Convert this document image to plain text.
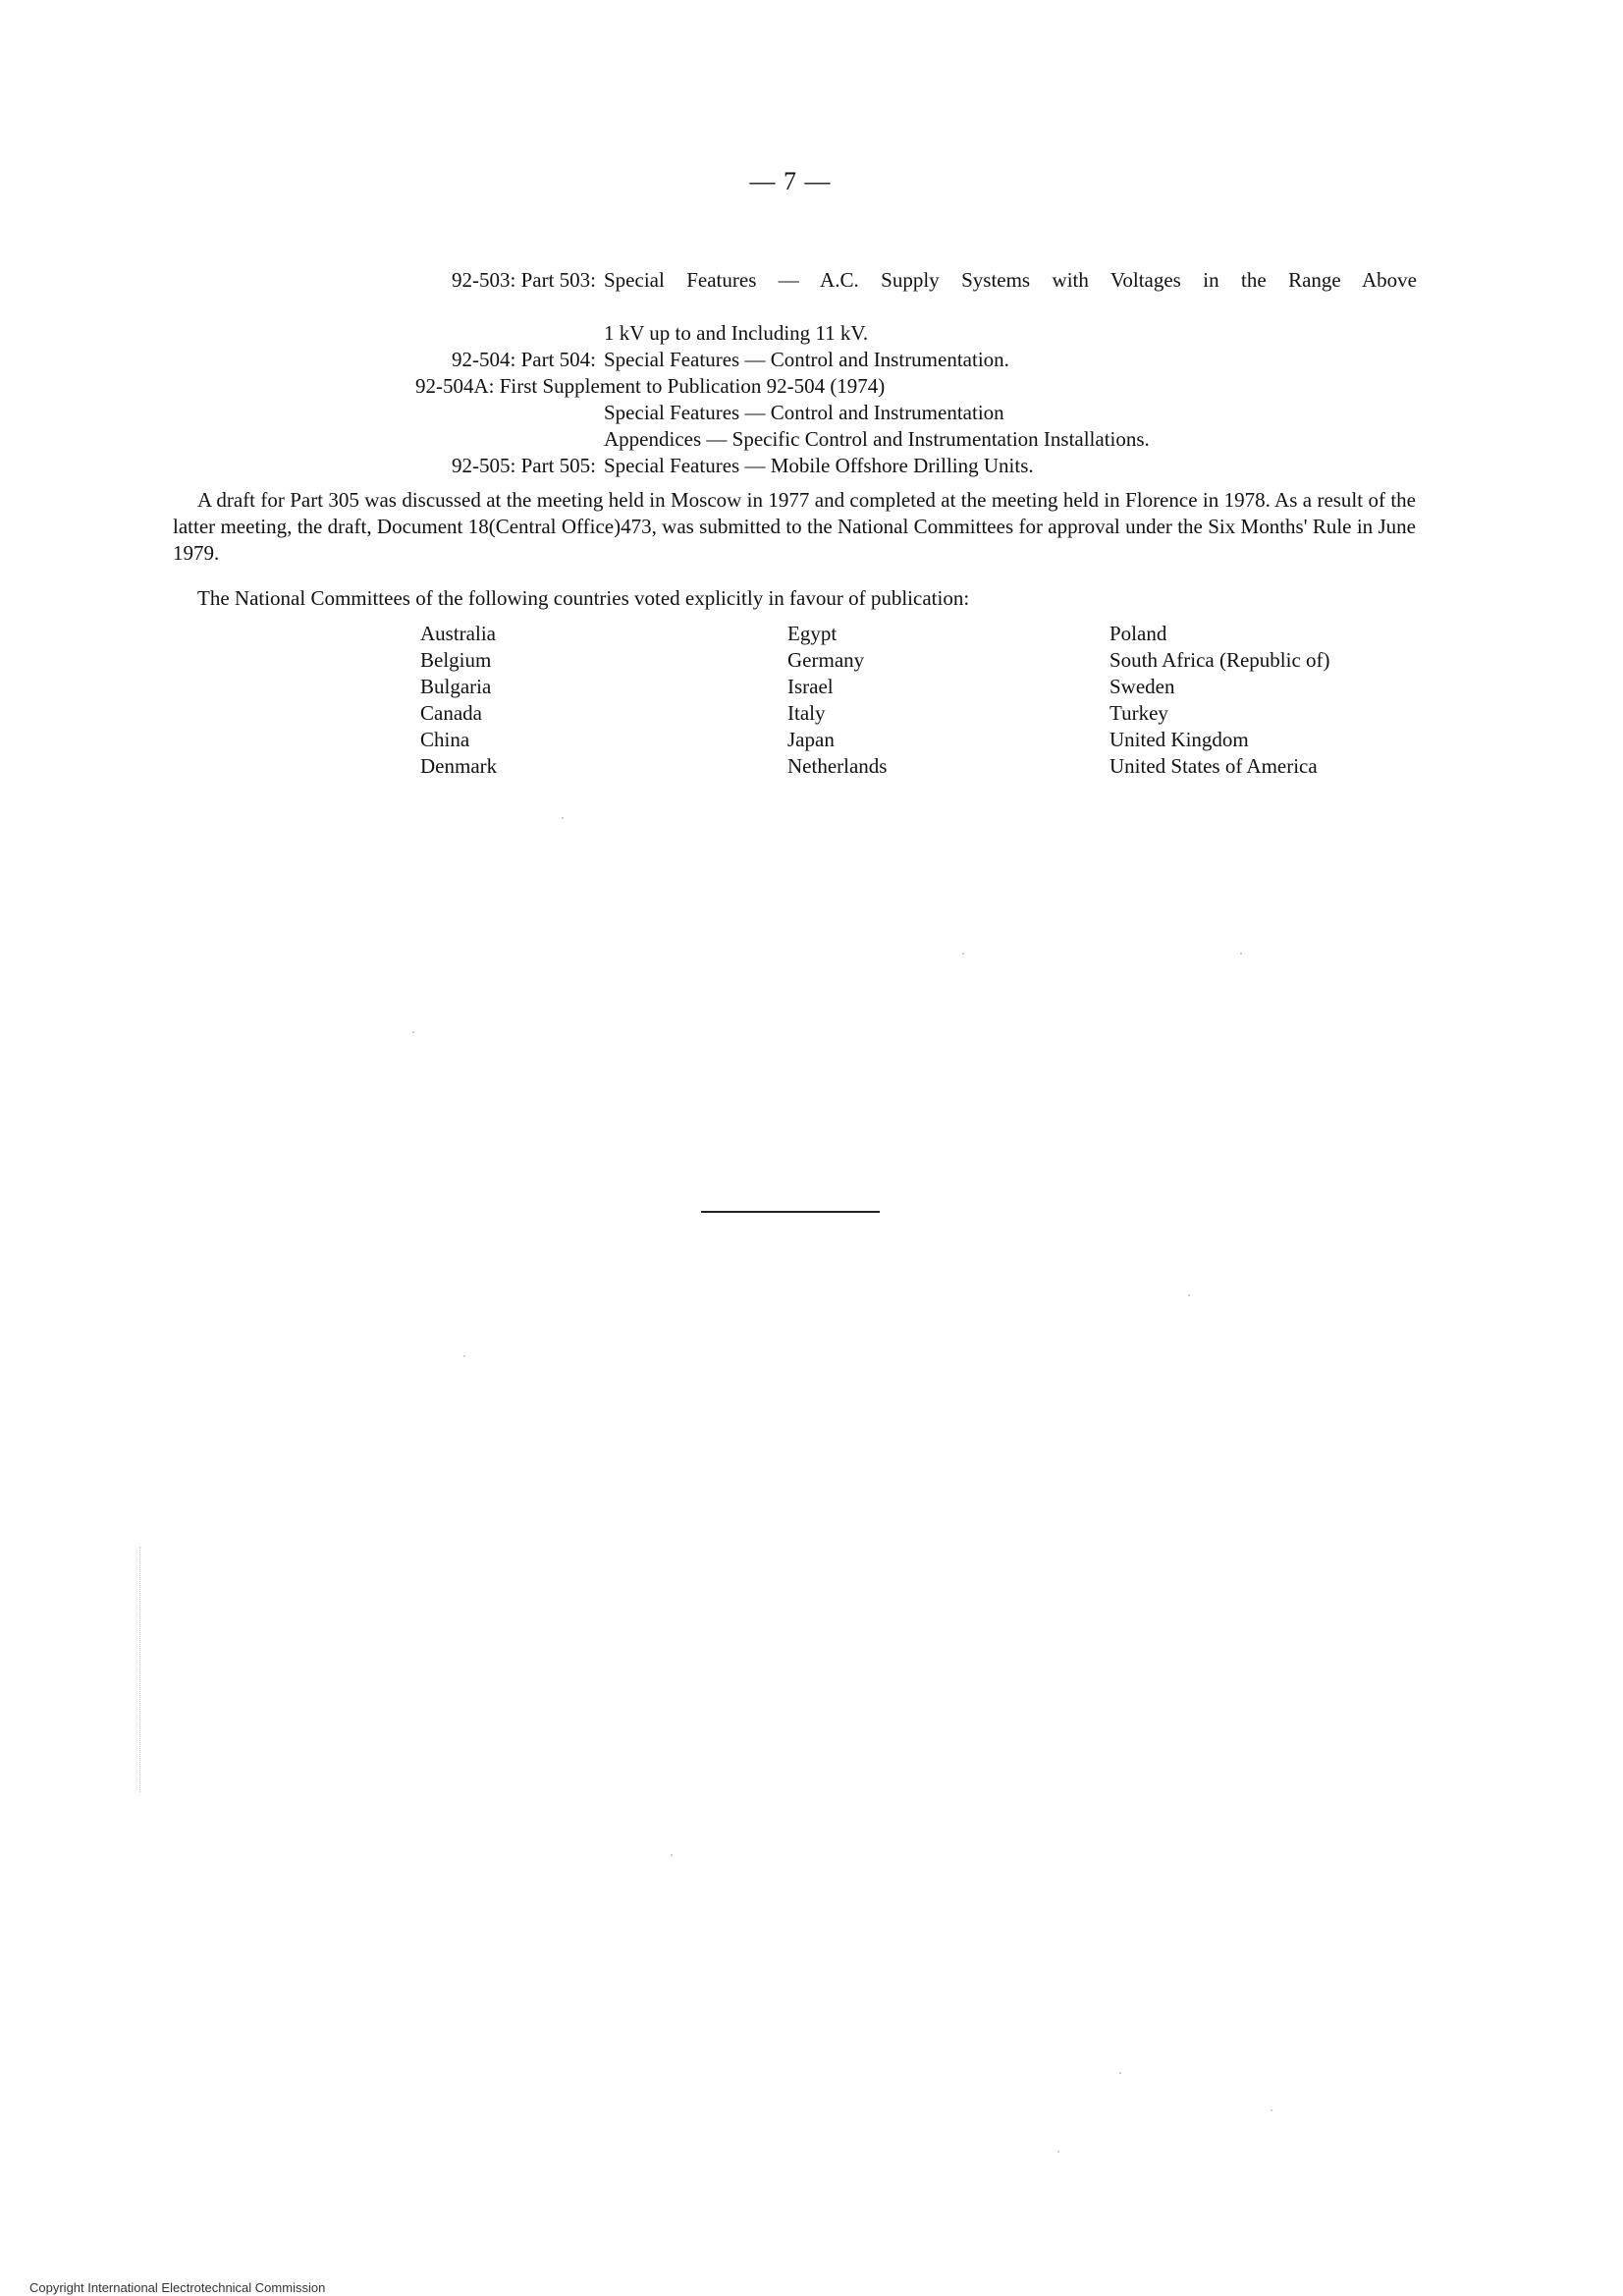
— 7 —
92-503: Part 503: Special Features — A.C. Supply Systems with Voltages in the Range Above
1 kV up to and Including 11 kV.
92-504: Part 504: Special Features — Control and Instrumentation.
92-504A: First Supplement to Publication 92-504 (1974)
Special Features — Control and Instrumentation
Appendices — Specific Control and Instrumentation Installations.
92-505: Part 505: Special Features — Mobile Offshore Drilling Units.

A draft for Part 305 was discussed at the meeting held in Moscow in 1977 and completed at the meeting held in Florence in 1978. As a result of the latter meeting, the draft, Document 18(Central Office)473, was submitted to the National Committees for approval under the Six Months' Rule in June 1979.

The National Committees of the following countries voted explicitly in favour of publication:

Australia	Egypt	Poland
Belgium	Germany	South Africa (Republic of)
Bulgaria	Israel	Sweden
Canada	Italy	Turkey
China	Japan	United Kingdom
Denmark	Netherlands	United States of America
Copyright International Electrotechnical Commission
